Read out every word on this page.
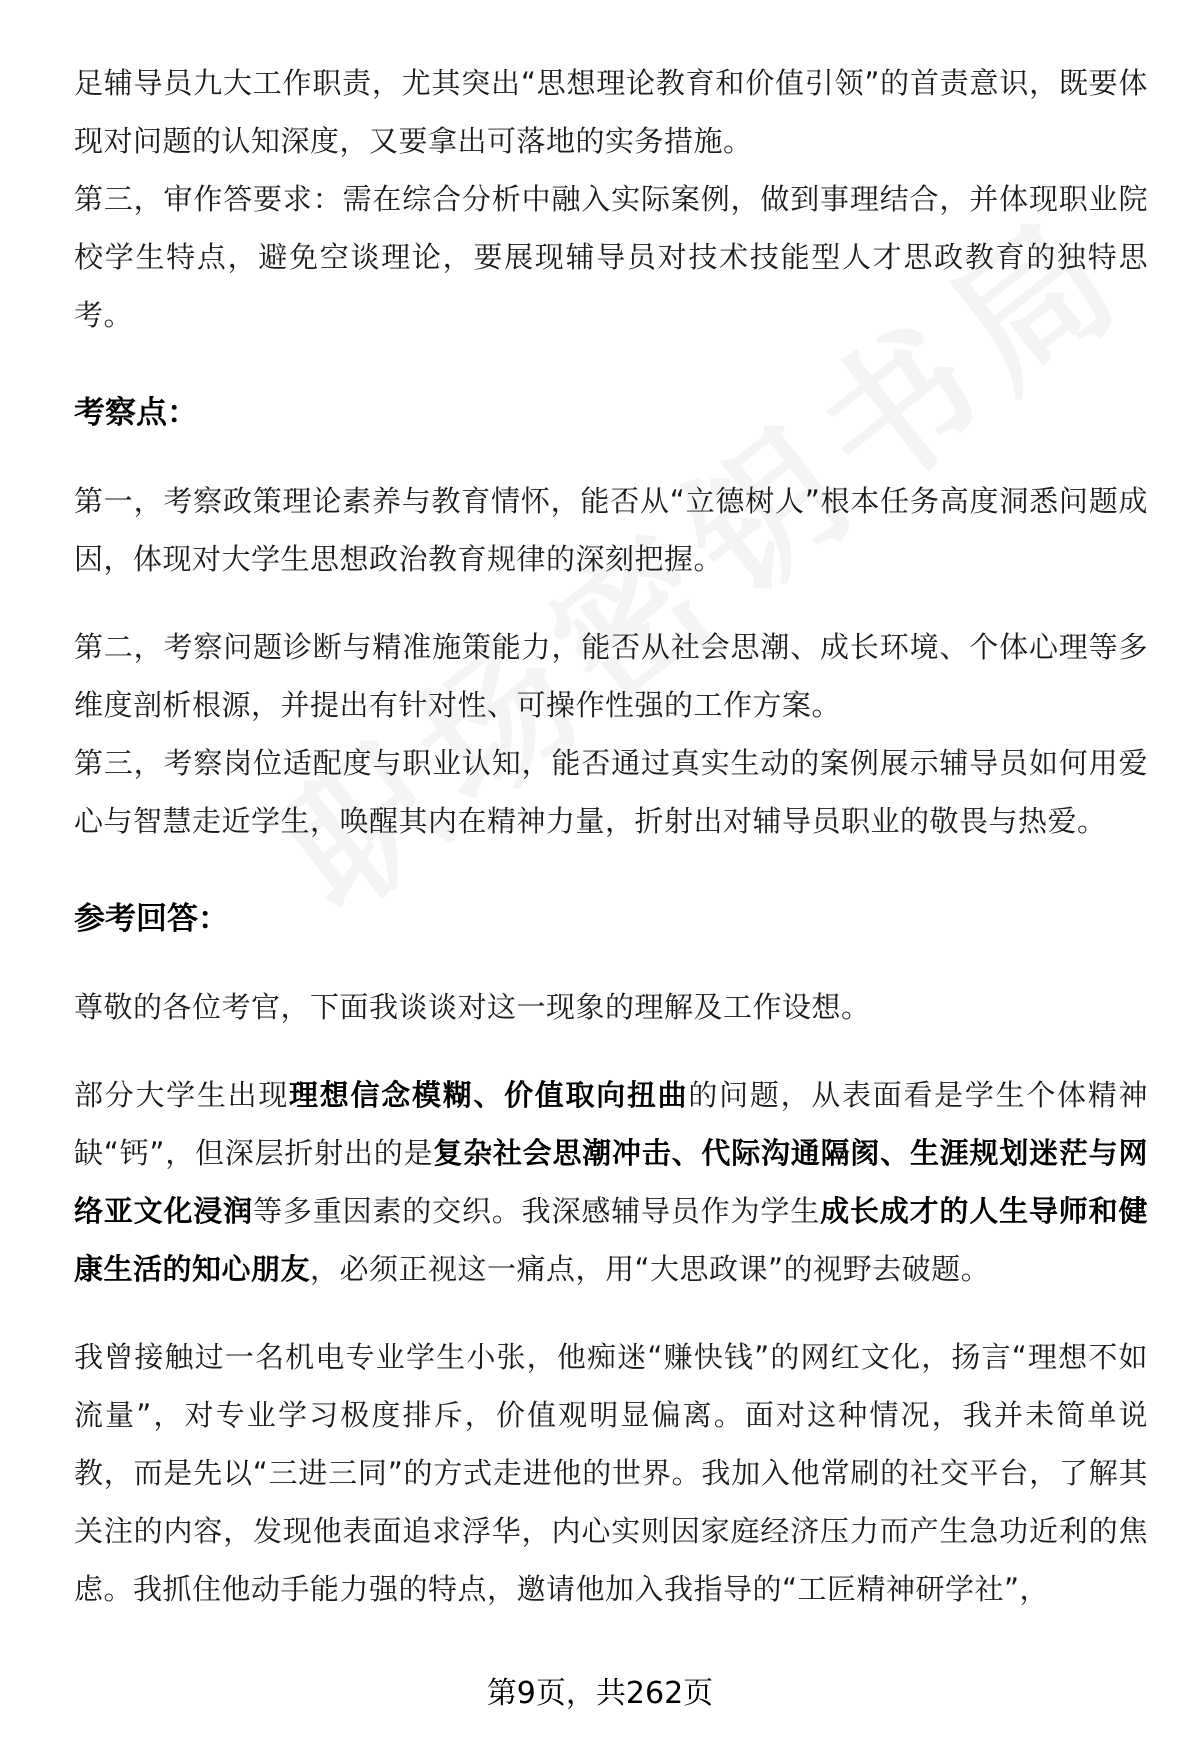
足辅导员九大工作职责，尤其突出“思想理论教育和价值引领”的首责意识，既要体现对问题的认知深度，又要拿出可落地的实务措施。

第三，审作答要求：需在综合分析中融入实际案例，做到事理结合，并体现职业院校学生特点，避免空谈理论，要展现辅导员对技术技能型人才思政教育的独特思考。

考察点：

第一，考察政策理论素养与教育情怀，能否从“立德树人”根本任务高度洞悉问题成因，体现对大学生思想政治教育规律的深刻把握。

第二，考察问题诊断与精准施策能力，能否从社会思潮、成长环境、个体心理等多维度剖析根源，并提出有针对性、可操作性强的工作方案。

第三，考察岗位适配度与职业认知，能否通过真实生动的案例展示辅导员如何用爱心与智慧走近学生，唤醒其内在精神力量，折射出对辅导员职业的敬畏与热爱。

参考回答：

尊敬的各位考官，下面我谈谈对这一现象的理解及工作设想。

部分大学生出现理想信念模糊、价值取向扭曲的问题，从表面看是学生个体精神缺“钙”，但深层折射出的是复杂社会思潮冲击、代际沟通隔阂、生涯规划迷茫与网络亚文化浸润等多重因素的交织。我深感辅导员作为学生成长成才的人生导师和健康生活的知心朋友，必须正视这一痛点，用“大思政课”的视野去破题。

我曾接触过一名机电专业学生小张，他痴迷“赚快钱”的网红文化，扬言“理想不如流量”，对专业学习极度排斥，价值观明显偏离。面对这种情况，我并未简单说教，而是先以“三进三同”的方式走进他的世界。我加入他常刷的社交平台，了解其关注的内容，发现他表面追求浮华，内心实则因家庭经济压力而产生急功近利的焦虑。我抓住他动手能力强的特点，邀请他加入我指导的“工匠精神研学社”，

第9页，共262页
